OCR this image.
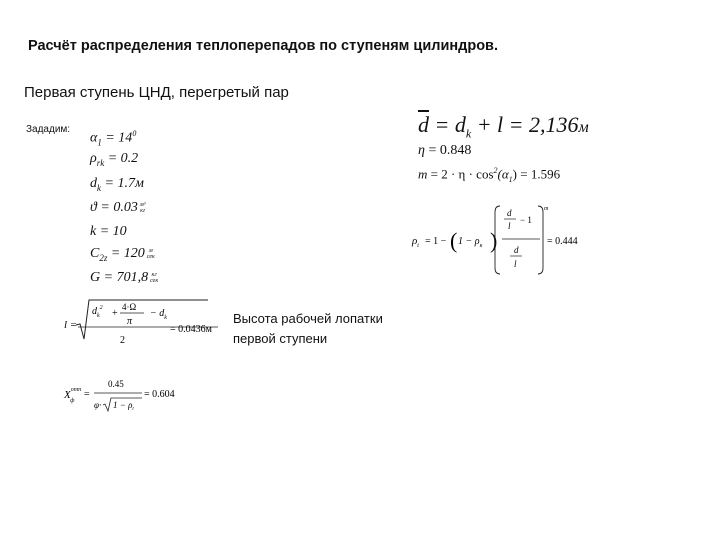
Расчёт распределения теплоперепадов по ступеням цилиндров.
Первая ступень ЦНД, перегретый пар
Зададим:
$\alpha_1 = 14^0$
$\rho_{rk} = 0.2$
$d_k = 1.7м$
ϑ = 0.03 м³
кг
k = 10
$C_{2z} = 120$ м
сек
G = 701,8 кг
сек
l =
$d_k^2$ +
4·Ω
π
− $d_k$
2
= 0.0436м
Высота рабочей лопатки
первой ступени
$X^{опт}$ ф
=
0.45
$\varphi\cdot 1 - \rho_t$
= 0.604
$\overline{d} = d_k + l = 2,136м$
η = 0.848
$m = 2 \cdot \eta \cdot \cos^2(\alpha_1) = 1.596$
$\rho_t = 1$ − ( $1 - \rho_к$ )
d
l
− 1
d
l
m
= 0.444
